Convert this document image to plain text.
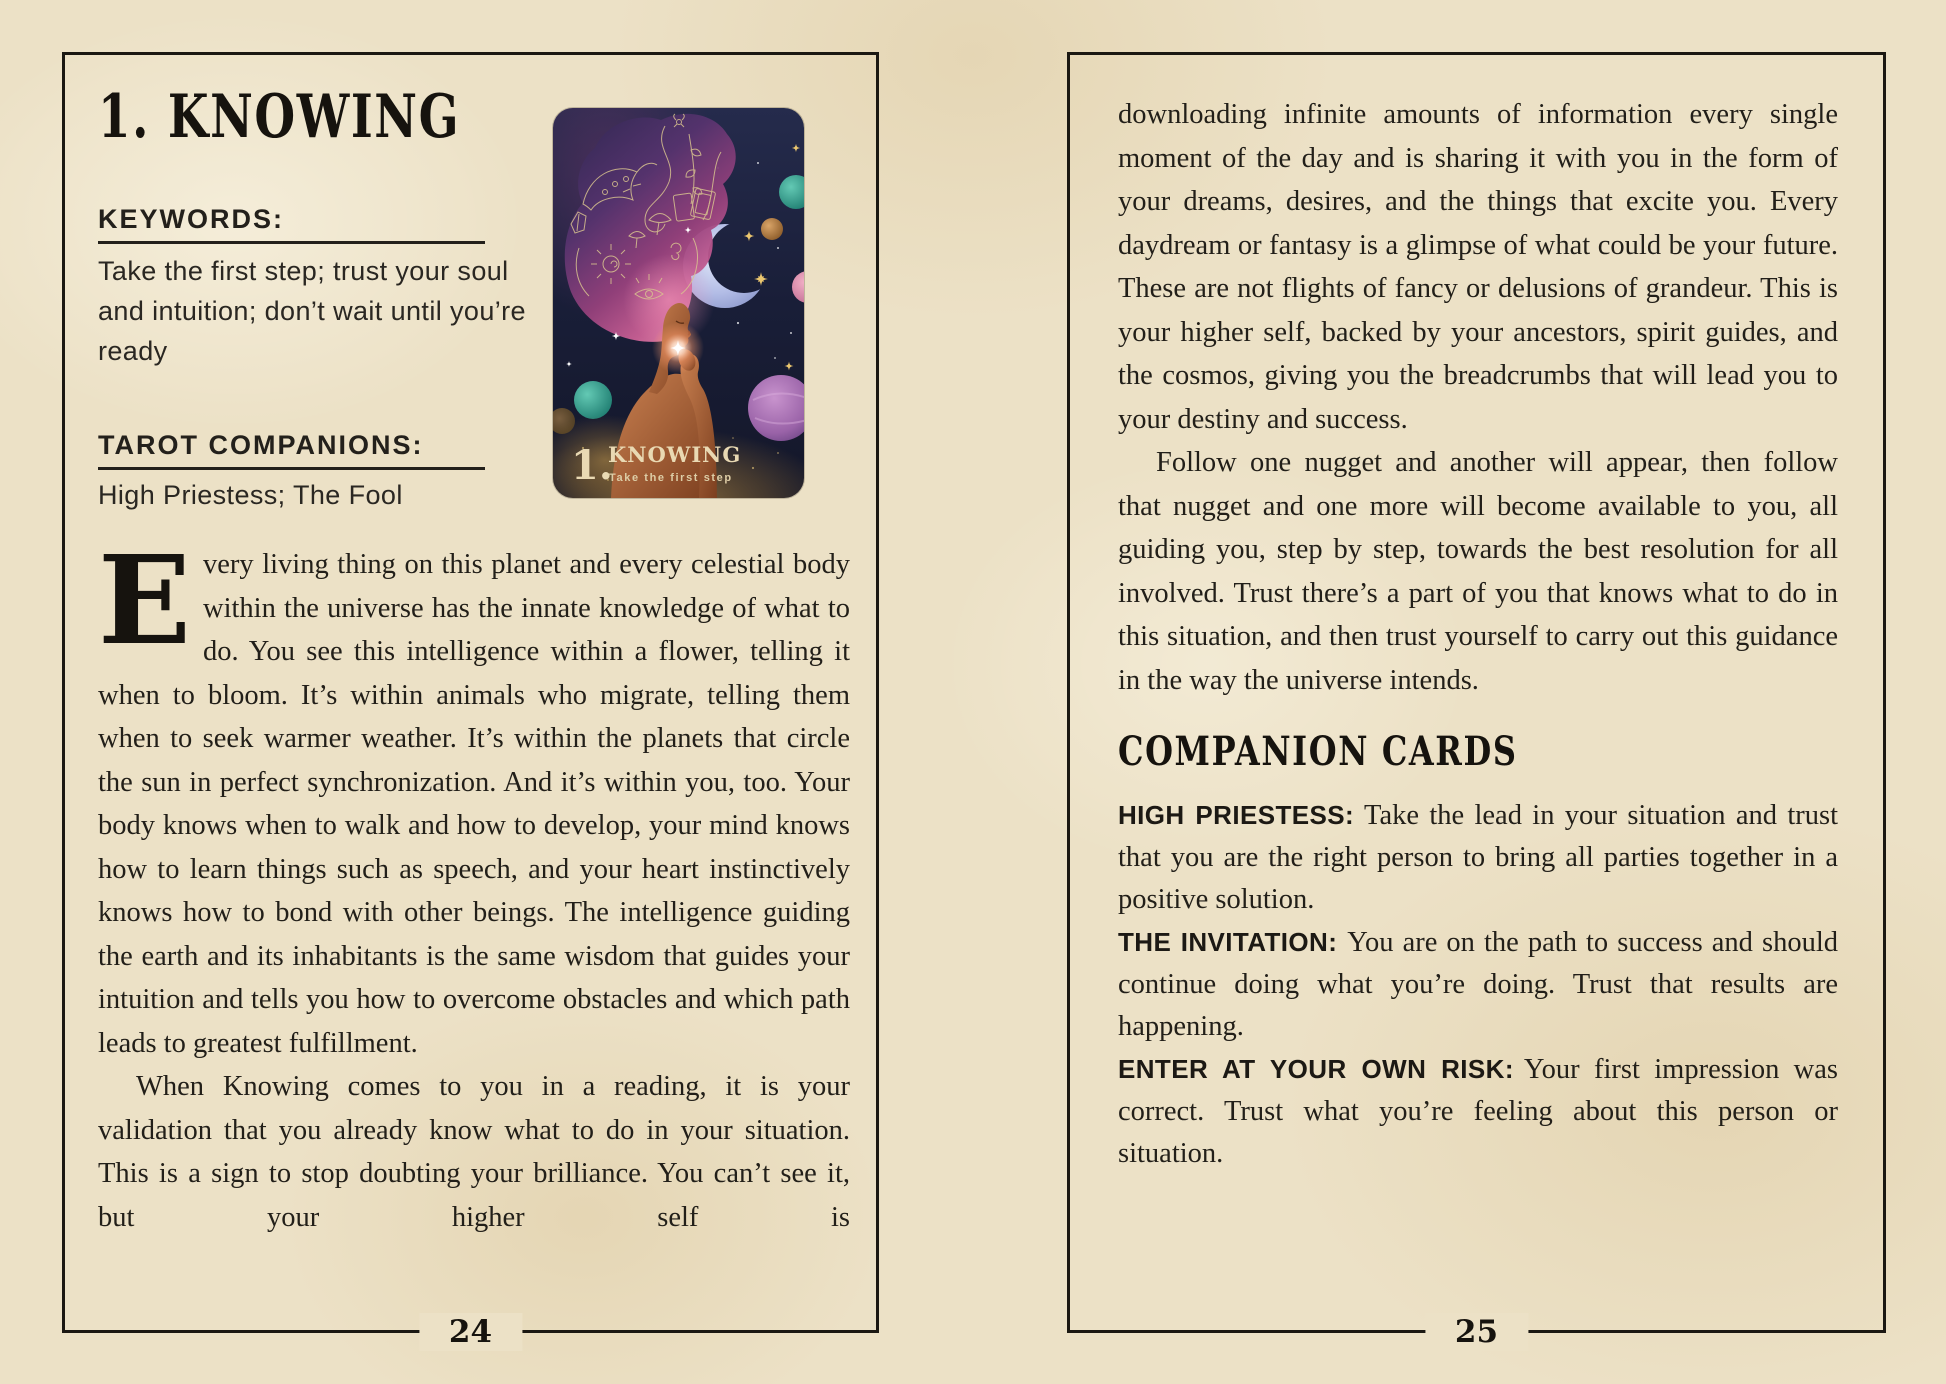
1. KNOWING
KEYWORDS:
Take the first step; trust your soul and intuition; don’t wait until you’re ready
TAROT COMPANIONS:
High Priestess; The Fool
1.
KNOWING
Take the first step

Every living thing on this planet and every celestial body within the universe has the innate knowledge of what to do. You see this intelligence within a flower, telling it when to bloom. It’s within animals who migrate, telling them when to seek warmer weather. It’s within the planets that circle the sun in perfect synchronization. And it’s within you, too. Your body knows when to walk and how to develop, your mind knows how to learn things such as speech, and your heart instinctively knows how to bond with other beings. The intelligence guiding the earth and its inhabitants is the same wisdom that guides your intuition and tells you how to overcome obstacles and which path leads to greatest fulfillment.

When Knowing comes to you in a reading, it is your validation that you already know what to do in your situation. This is a sign to stop doubting your brilliance. You can’t see it, but your higher self is

24

downloading infinite amounts of information every single moment of the day and is sharing it with you in the form of your dreams, desires, and the things that excite you. Every daydream or fantasy is a glimpse of what could be your future. These are not flights of fancy or delusions of grandeur. This is your higher self, backed by your ancestors, spirit guides, and the cosmos, giving you the breadcrumbs that will lead you to your destiny and success.

Follow one nugget and another will appear, then follow that nugget and one more will become available to you, all guiding you, step by step, towards the best resolution for all involved. Trust there’s a part of you that knows what to do in this situation, and then trust yourself to carry out this guidance in the way the universe intends.

COMPANION CARDS

HIGH PRIESTESS: Take the lead in your situation and trust that you are the right person to bring all parties together in a positive solution.

THE INVITATION: You are on the path to success and should continue doing what you’re doing. Trust that results are happening.

ENTER AT YOUR OWN RISK: Your first impression was correct. Trust what you’re feeling about this person or situation.

25
